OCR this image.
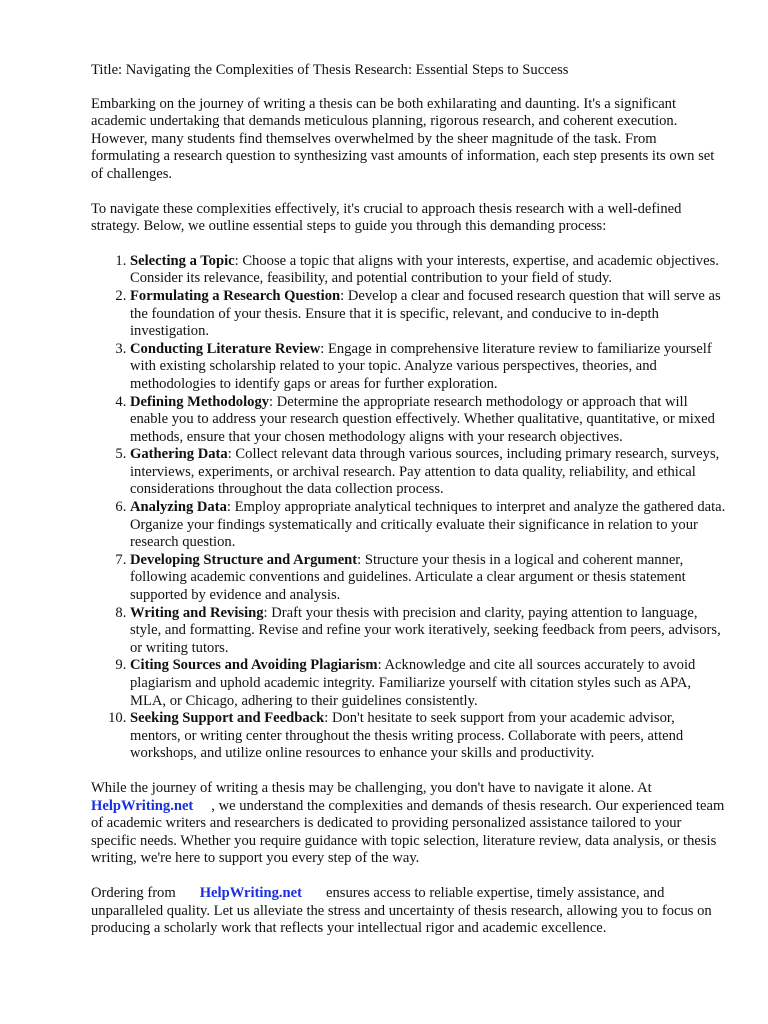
Title: Navigating the Complexities of Thesis Research: Essential Steps to Success

Embarking on the journey of writing a thesis can be both exhilarating and daunting. It's a significant academic undertaking that demands meticulous planning, rigorous research, and coherent execution. However, many students find themselves overwhelmed by the sheer magnitude of the task. From formulating a research question to synthesizing vast amounts of information, each step presents its own set of challenges.

To navigate these complexities effectively, it's crucial to approach thesis research with a well-defined strategy. Below, we outline essential steps to guide you through this demanding process:

1. Selecting a Topic: Choose a topic that aligns with your interests, expertise, and academic objectives. Consider its relevance, feasibility, and potential contribution to your field of study.
2. Formulating a Research Question: Develop a clear and focused research question that will serve as the foundation of your thesis. Ensure that it is specific, relevant, and conducive to in-depth investigation.
3. Conducting Literature Review: Engage in comprehensive literature review to familiarize yourself with existing scholarship related to your topic. Analyze various perspectives, theories, and methodologies to identify gaps or areas for further exploration.
4. Defining Methodology: Determine the appropriate research methodology or approach that will enable you to address your research question effectively. Whether qualitative, quantitative, or mixed methods, ensure that your chosen methodology aligns with your research objectives.
5. Gathering Data: Collect relevant data through various sources, including primary research, surveys, interviews, experiments, or archival research. Pay attention to data quality, reliability, and ethical considerations throughout the data collection process.
6. Analyzing Data: Employ appropriate analytical techniques to interpret and analyze the gathered data. Organize your findings systematically and critically evaluate their significance in relation to your research question.
7. Developing Structure and Argument: Structure your thesis in a logical and coherent manner, following academic conventions and guidelines. Articulate a clear argument or thesis statement supported by evidence and analysis.
8. Writing and Revising: Draft your thesis with precision and clarity, paying attention to language, style, and formatting. Revise and refine your work iteratively, seeking feedback from peers, advisors, or writing tutors.
9. Citing Sources and Avoiding Plagiarism: Acknowledge and cite all sources accurately to avoid plagiarism and uphold academic integrity. Familiarize yourself with citation styles such as APA, MLA, or Chicago, adhering to their guidelines consistently.
10. Seeking Support and Feedback: Don't hesitate to seek support from your academic advisor, mentors, or writing center throughout the thesis writing process. Collaborate with peers, attend workshops, and utilize online resources to enhance your skills and productivity.

While the journey of writing a thesis may be challenging, you don't have to navigate it alone. At
HelpWriting.net , we understand the complexities and demands of thesis research. Our experienced team of academic writers and researchers is dedicated to providing personalized assistance tailored to your specific needs. Whether you require guidance with topic selection, literature review, data analysis, or thesis writing, we're here to support you every step of the way.

Ordering from HelpWriting.net ensures access to reliable expertise, timely assistance, and unparalleled quality. Let us alleviate the stress and uncertainty of thesis research, allowing you to focus on producing a scholarly work that reflects your intellectual rigor and academic excellence.
